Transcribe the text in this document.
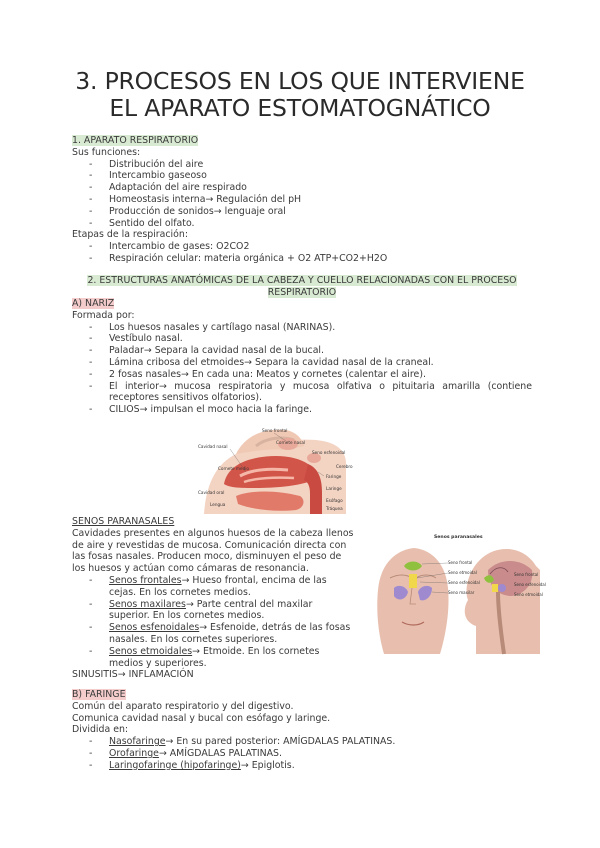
3. PROCESOS EN LOS QUE INTERVIENE
EL APARATO ESTOMATOGNÁTICO
1. APARATO RESPIRATORIO
Sus funciones:
- Distribución del aire
- Intercambio gaseoso
- Adaptación del aire respirado
- Homeostasis interna→ Regulación del pH
- Producción de sonidos→ lenguaje oral
- Sentido del olfato.
Etapas de la respiración:
- Intercambio de gases: O2CO2
- Respiración celular: materia orgánica + O2 ATP+CO2+H2O
2. ESTRUCTURAS ANATÓMICAS DE LA CABEZA Y CUELLO RELACIONADAS CON EL PROCESO
RESPIRATORIO
A) NARIZ
Formada por:
- Los huesos nasales y cartílago nasal (NARINAS).
- Vestíbulo nasal.
- Paladar→ Separa la cavidad nasal de la bucal.
- Lámina cribosa del etmoides→ Separa la cavidad nasal de la craneal.
- 2 fosas nasales→ En cada una: Meatos y cornetes (calentar el aire).
- El interior→ mucosa respiratoria y mucosa olfativa o pituitaria amarilla (contiene
receptores sensitivos olfatorios).
- CILIOS→ impulsan el moco hacia la faringe.
Seno frontal
Cavidad nasal
Cornete nasal
Seno esfenoidal
Cavidad oral
Lengua
Faringe
Laringe
Esófago
Tráquea
Cerebro
Cornete medio
SENOS PARANASALES
Cavidades presentes en algunos huesos de la cabeza llenos
de aire y revestidas de mucosa. Comunicación directa con
las fosas nasales. Producen moco, disminuyen el peso de
los huesos y actúan como cámaras de resonancia.
- Senos frontales→ Hueso frontal, encima de las
cejas. En los cornetes medios.
- Senos maxilares→ Parte central del maxilar
superior. En los cornetes medios.
- Senos esfenoidales→ Esfenoide, detrás de las fosas
nasales. En los cornetes superiores.
- Senos etmoidales→ Etmoide. En los cornetes
medios y superiores.
SINUSITIS→ INFLAMACIÓN
Senos paranasales
Seno frontal
Seno etmoidal
Seno esfenoidal
Seno maxilar
Seno frontal
Seno esfenoidal
Seno etmoidal
B) FARINGE
Común del aparato respiratorio y del digestivo.
Comunica cavidad nasal y bucal con esófago y laringe.
Dividida en:
- Nasofaringe→ En su pared posterior: AMÍGDALAS PALATINAS.
- Orofaringe→ AMÍGDALAS PALATINAS.
- Laringofaringe (hipofaringe)→ Epiglotis.
